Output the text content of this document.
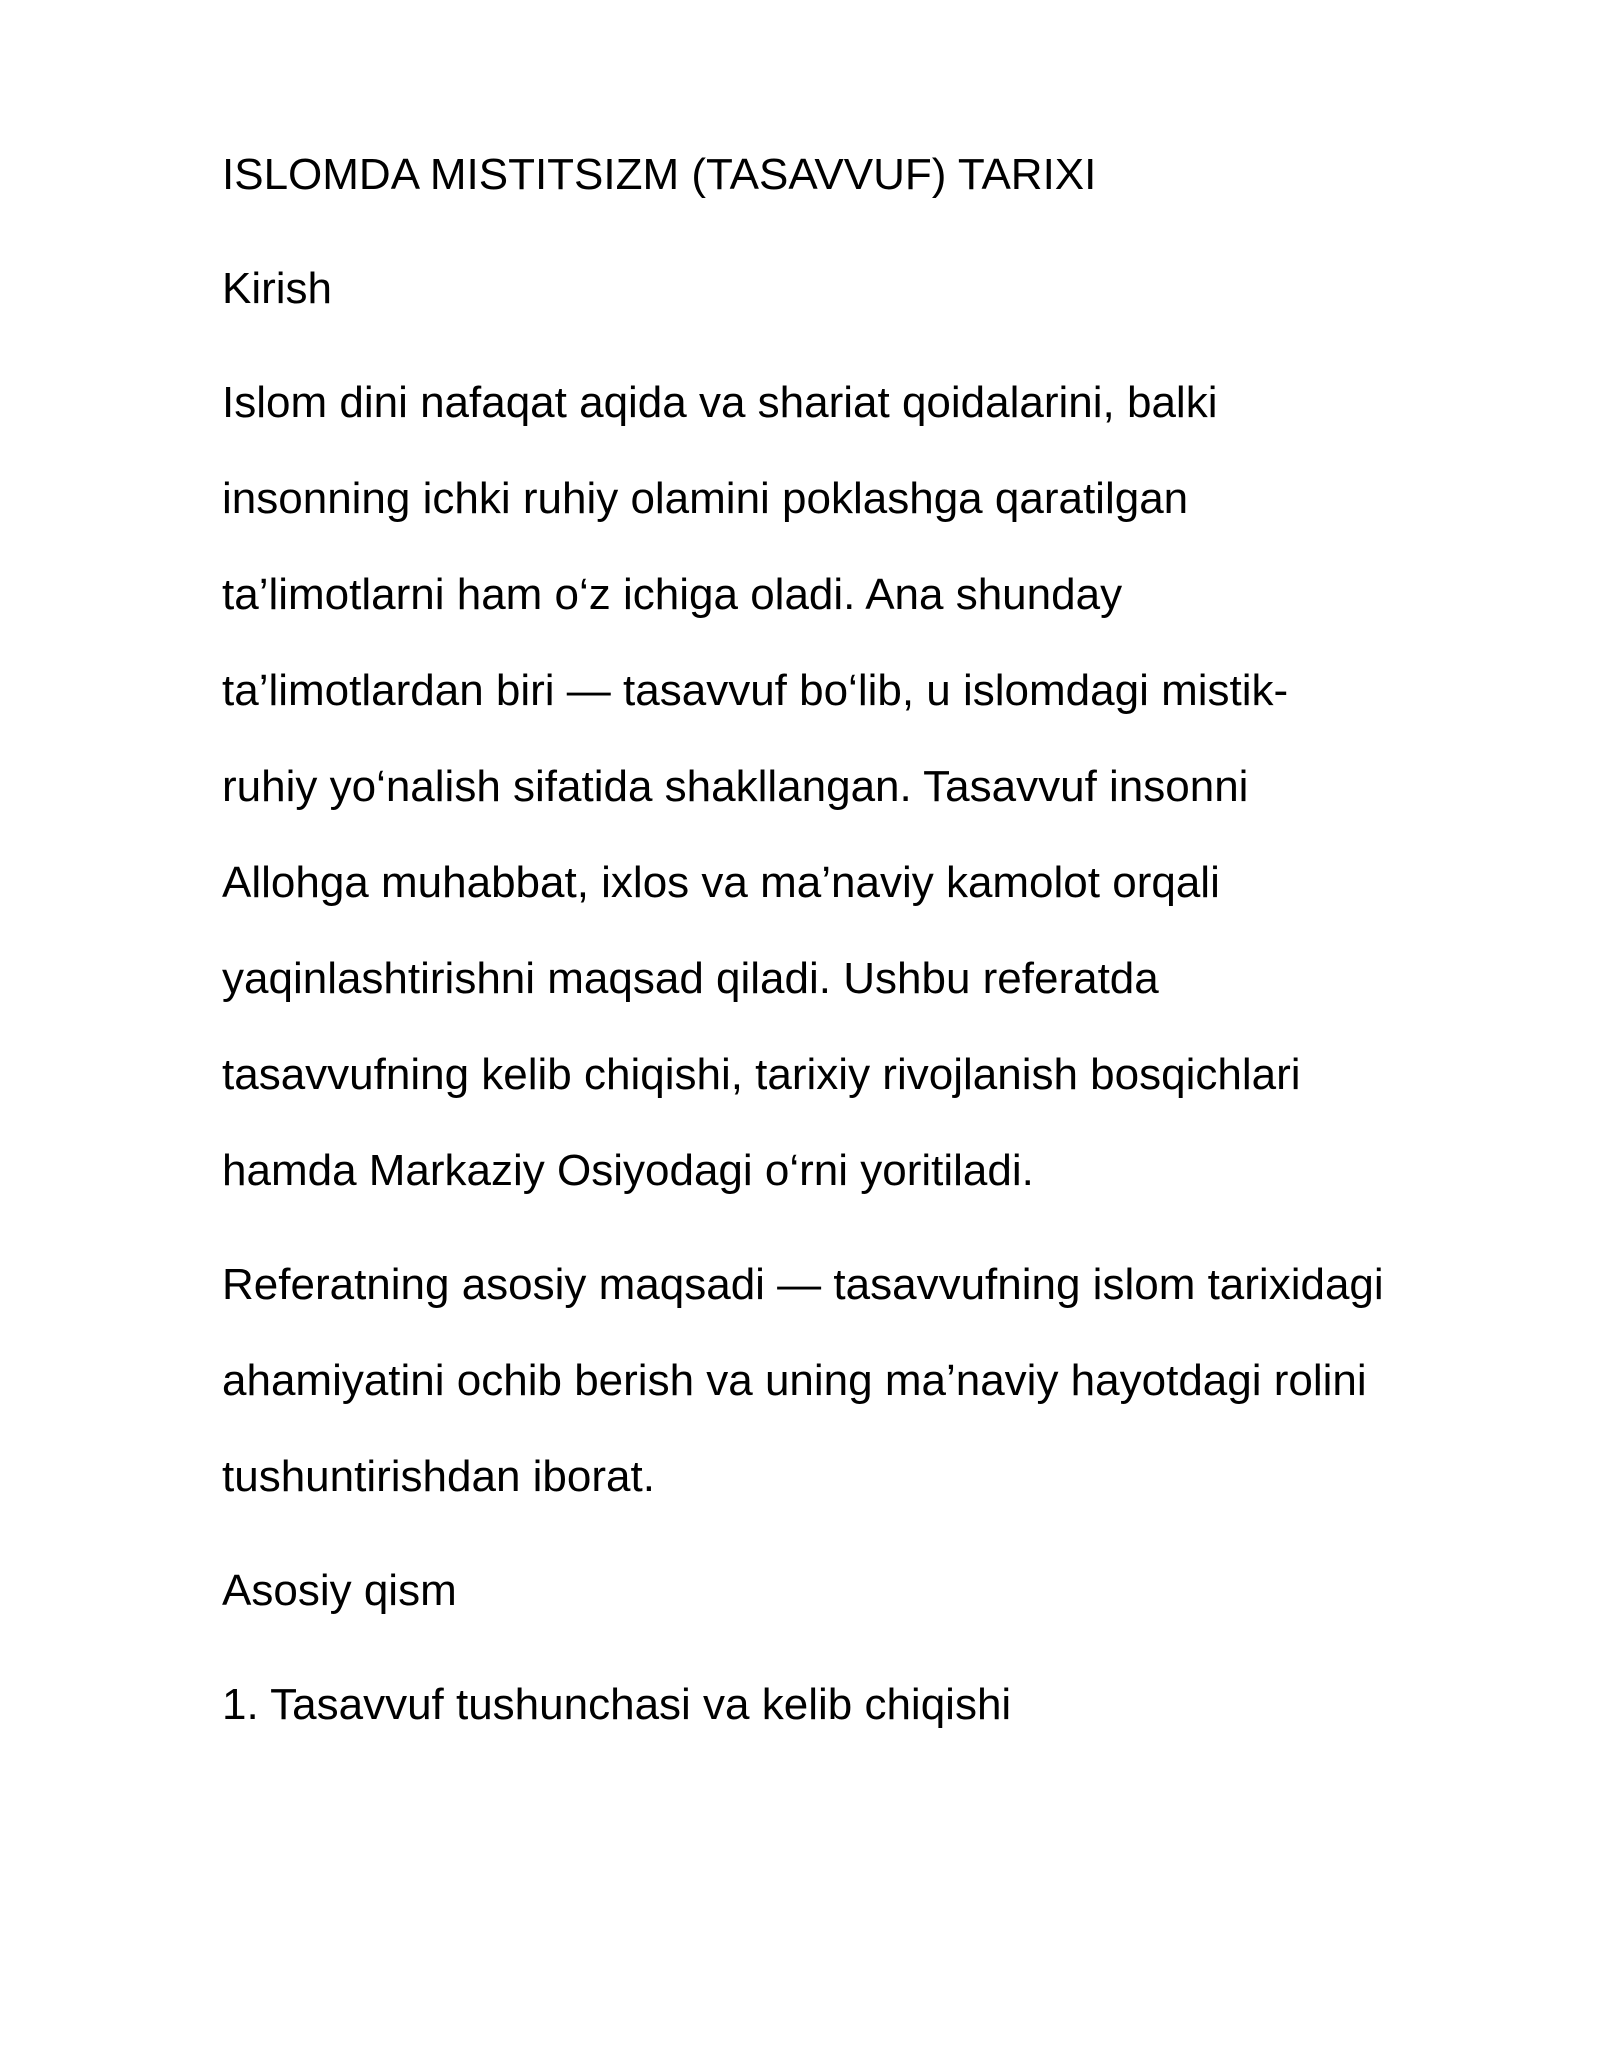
ISLOMDA MISTITSIZM (TASAVVUF) TARIXI

Kirish

Islom dini nafaqat aqida va shariat qoidalarini, balki

insonning ichki ruhiy olamini poklashga qaratilgan

ta’limotlarni ham o‘z ichiga oladi. Ana shunday

ta’limotlardan biri — tasavvuf bo‘lib, u islomdagi mistik-

ruhiy yo‘nalish sifatida shakllangan. Tasavvuf insonni

Allohga muhabbat, ixlos va ma’naviy kamolot orqali

yaqinlashtirishni maqsad qiladi. Ushbu referatda

tasavvufning kelib chiqishi, tarixiy rivojlanish bosqichlari

hamda Markaziy Osiyodagi o‘rni yoritiladi.

Referatning asosiy maqsadi — tasavvufning islom tarixidagi

ahamiyatini ochib berish va uning ma’naviy hayotdagi rolini

tushuntirishdan iborat.

Asosiy qism

1. Tasavvuf tushunchasi va kelib chiqishi
